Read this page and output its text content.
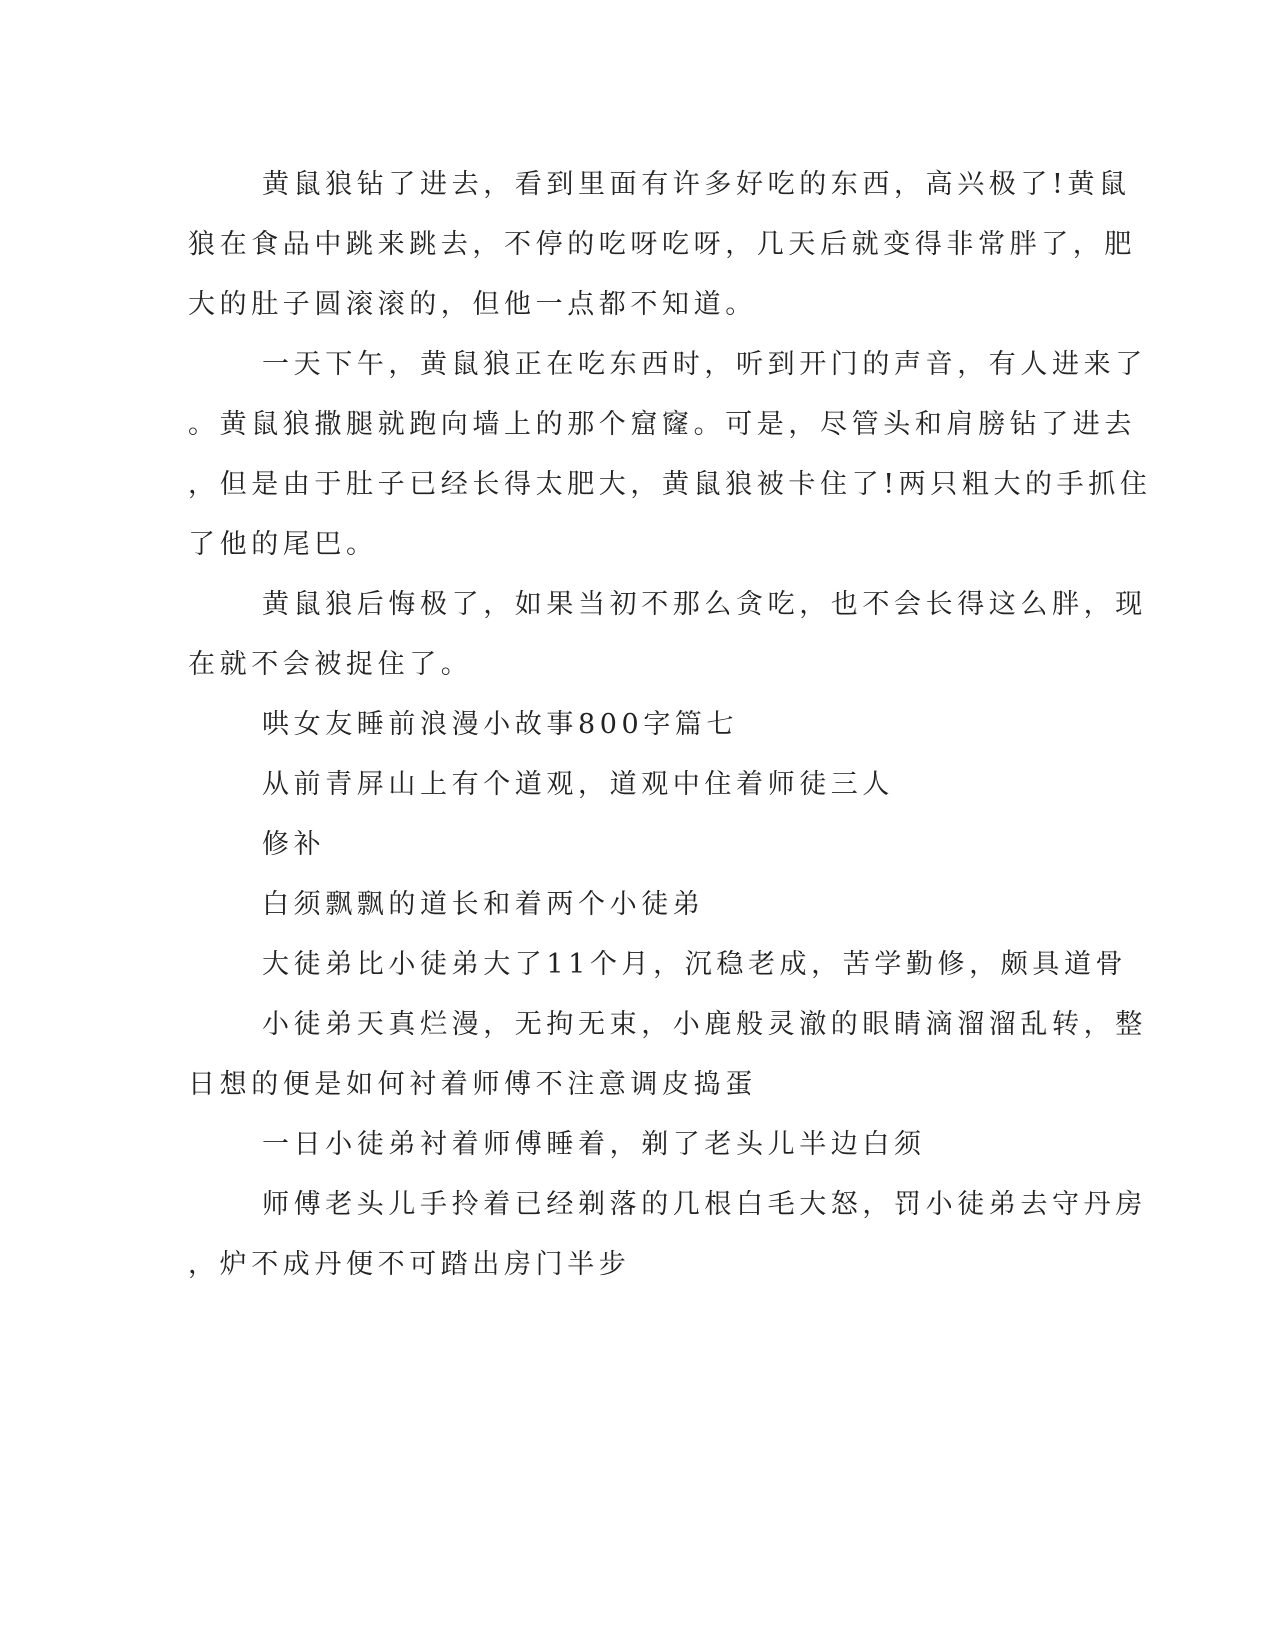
黄鼠狼钻了进去，看到里面有许多好吃的东西，高兴极了!黄鼠
狼在食品中跳来跳去，不停的吃呀吃呀，几天后就变得非常胖了，肥
大的肚子圆滚滚的，但他一点都不知道。
一天下午，黄鼠狼正在吃东西时，听到开门的声音，有人进来了
。黄鼠狼撒腿就跑向墙上的那个窟窿。可是，尽管头和肩膀钻了进去
，但是由于肚子已经长得太肥大，黄鼠狼被卡住了!两只粗大的手抓住
了他的尾巴。
黄鼠狼后悔极了，如果当初不那么贪吃，也不会长得这么胖，现
在就不会被捉住了。
哄女友睡前浪漫小故事800字篇七
从前青屏山上有个道观，道观中住着师徒三人
修补
白须飘飘的道长和着两个小徒弟
大徒弟比小徒弟大了11个月，沉稳老成，苦学勤修，颇具道骨
小徒弟天真烂漫，无拘无束，小鹿般灵澈的眼睛滴溜溜乱转，整
日想的便是如何衬着师傅不注意调皮捣蛋
一日小徒弟衬着师傅睡着，剃了老头儿半边白须
师傅老头儿手拎着已经剃落的几根白毛大怒，罚小徒弟去守丹房
，炉不成丹便不可踏出房门半步
